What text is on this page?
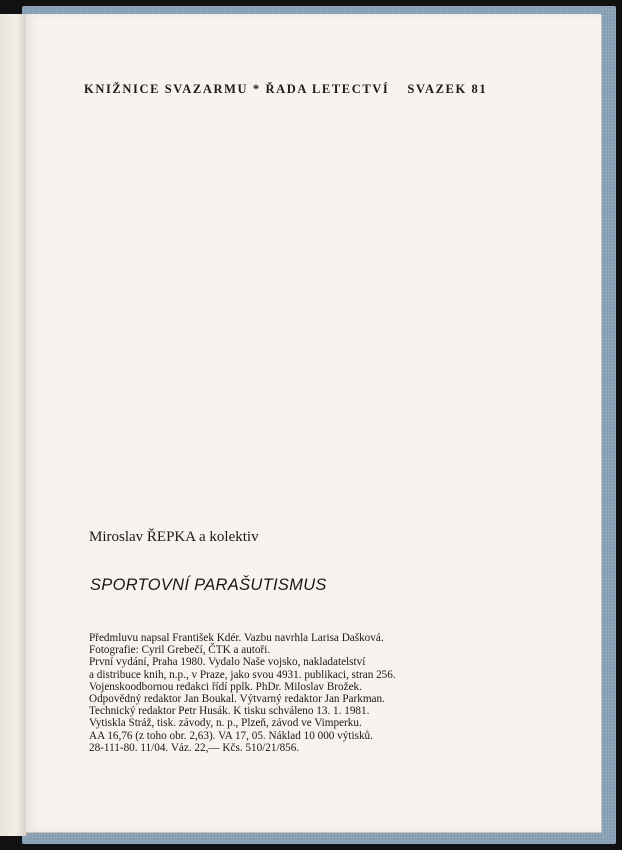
KNIŽNICE SVAZARMU * ŘADA LETECTVÍ SVAZEK 81
Miroslav ŘEPKA a kolektiv
SPORTOVNÍ PARAŠUTISMUS
Předmluvu napsal František Kdér. Vazbu navrhla Larisa Dašková.
Fotografie: Cyril Grebečí, ČTK a autoři.
První vydání, Praha 1980. Vydalo Naše vojsko, nakladatelství
a distribuce knih, n.p., v Praze, jako svou 4931. publikaci, stran 256.
Vojenskoodbornou redakci řídí pplk. PhDr. Miloslav Brožek.
Odpovědný redaktor Jan Boukal. Výtvarný redaktor Jan Parkman.
Technický redaktor Petr Husák. K tisku schváleno 13. 1. 1981.
Vytiskla Stráž, tisk. závody, n. p., Plzeň, závod ve Vimperku.
AA 16,76 (z toho obr. 2,63). VA 17, 05. Náklad 10 000 výtisků.
28-111-80. 11/04. Váz. 22,— Kčs. 510/21/856.
